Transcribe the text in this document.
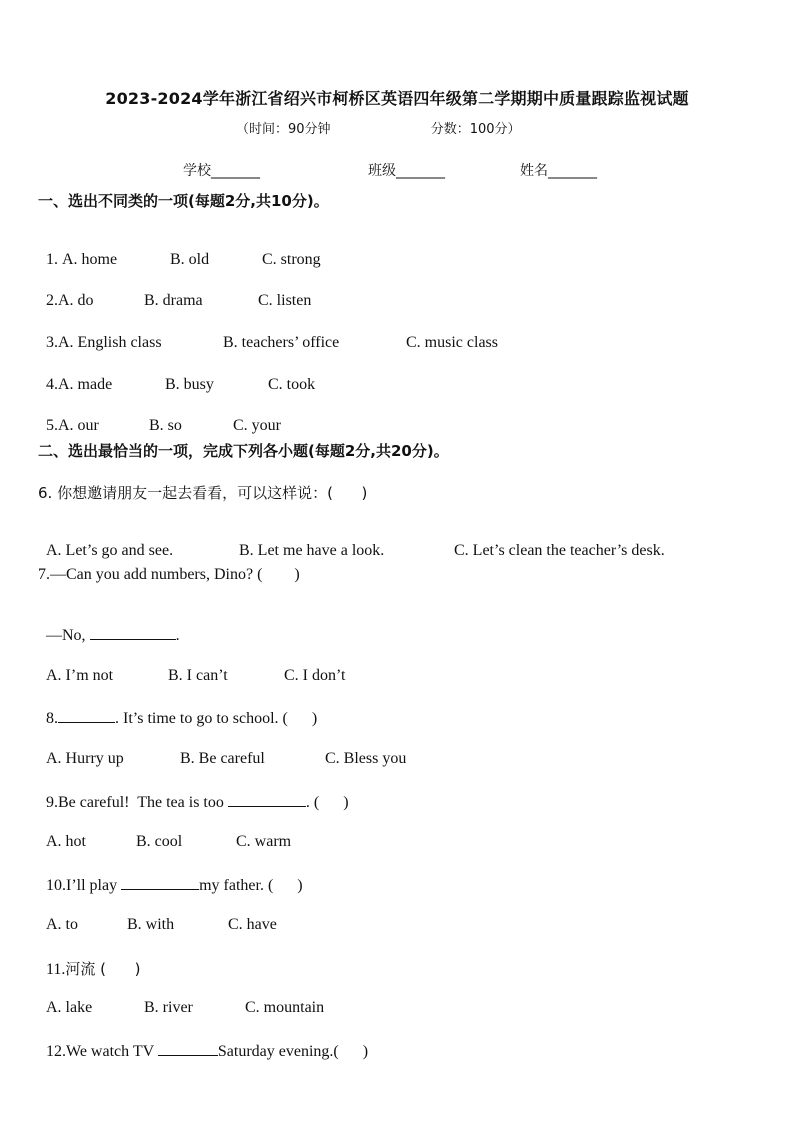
2023-2024学年浙江省绍兴市柯桥区英语四年级第二学期期中质量跟踪监视试题
（时间：90分钟	分数：100分）
学校_______	班级_______	姓名_______
一、选出不同类的一项(每题2分,共10分)。

1. A. home	B. old	C. strong

2.A. do	B. drama	C. listen

3.A. English class	B. teachers’ office	C. music class

4.A. made	B. busy	C. took

5.A. our	B. so	C. your

二、选出最恰当的一项，完成下列各小题(每题2分,共20分)。
6. 你想邀请朋友一起去看看，可以这样说：(      )

A. Let’s go and see.	B. Let me have a look.	C. Let’s clean the teacher’s desk.

7.—Can you add numbers, Dino? (        )

—No,	.

A. I’m not	B. I can’t	C. I don’t

8.	. It’s time to go to school. (      )

A. Hurry up	B. Be careful	C. Bless you

9.Be careful!  The tea is too	. (      )

A. hot	B. cool	C. warm

10.I’ll play	my father. (      )

A. to	B. with	C. have

11.河流 (      )

A. lake	B. river	C. mountain

12.We watch TV	Saturday evening.(      )
